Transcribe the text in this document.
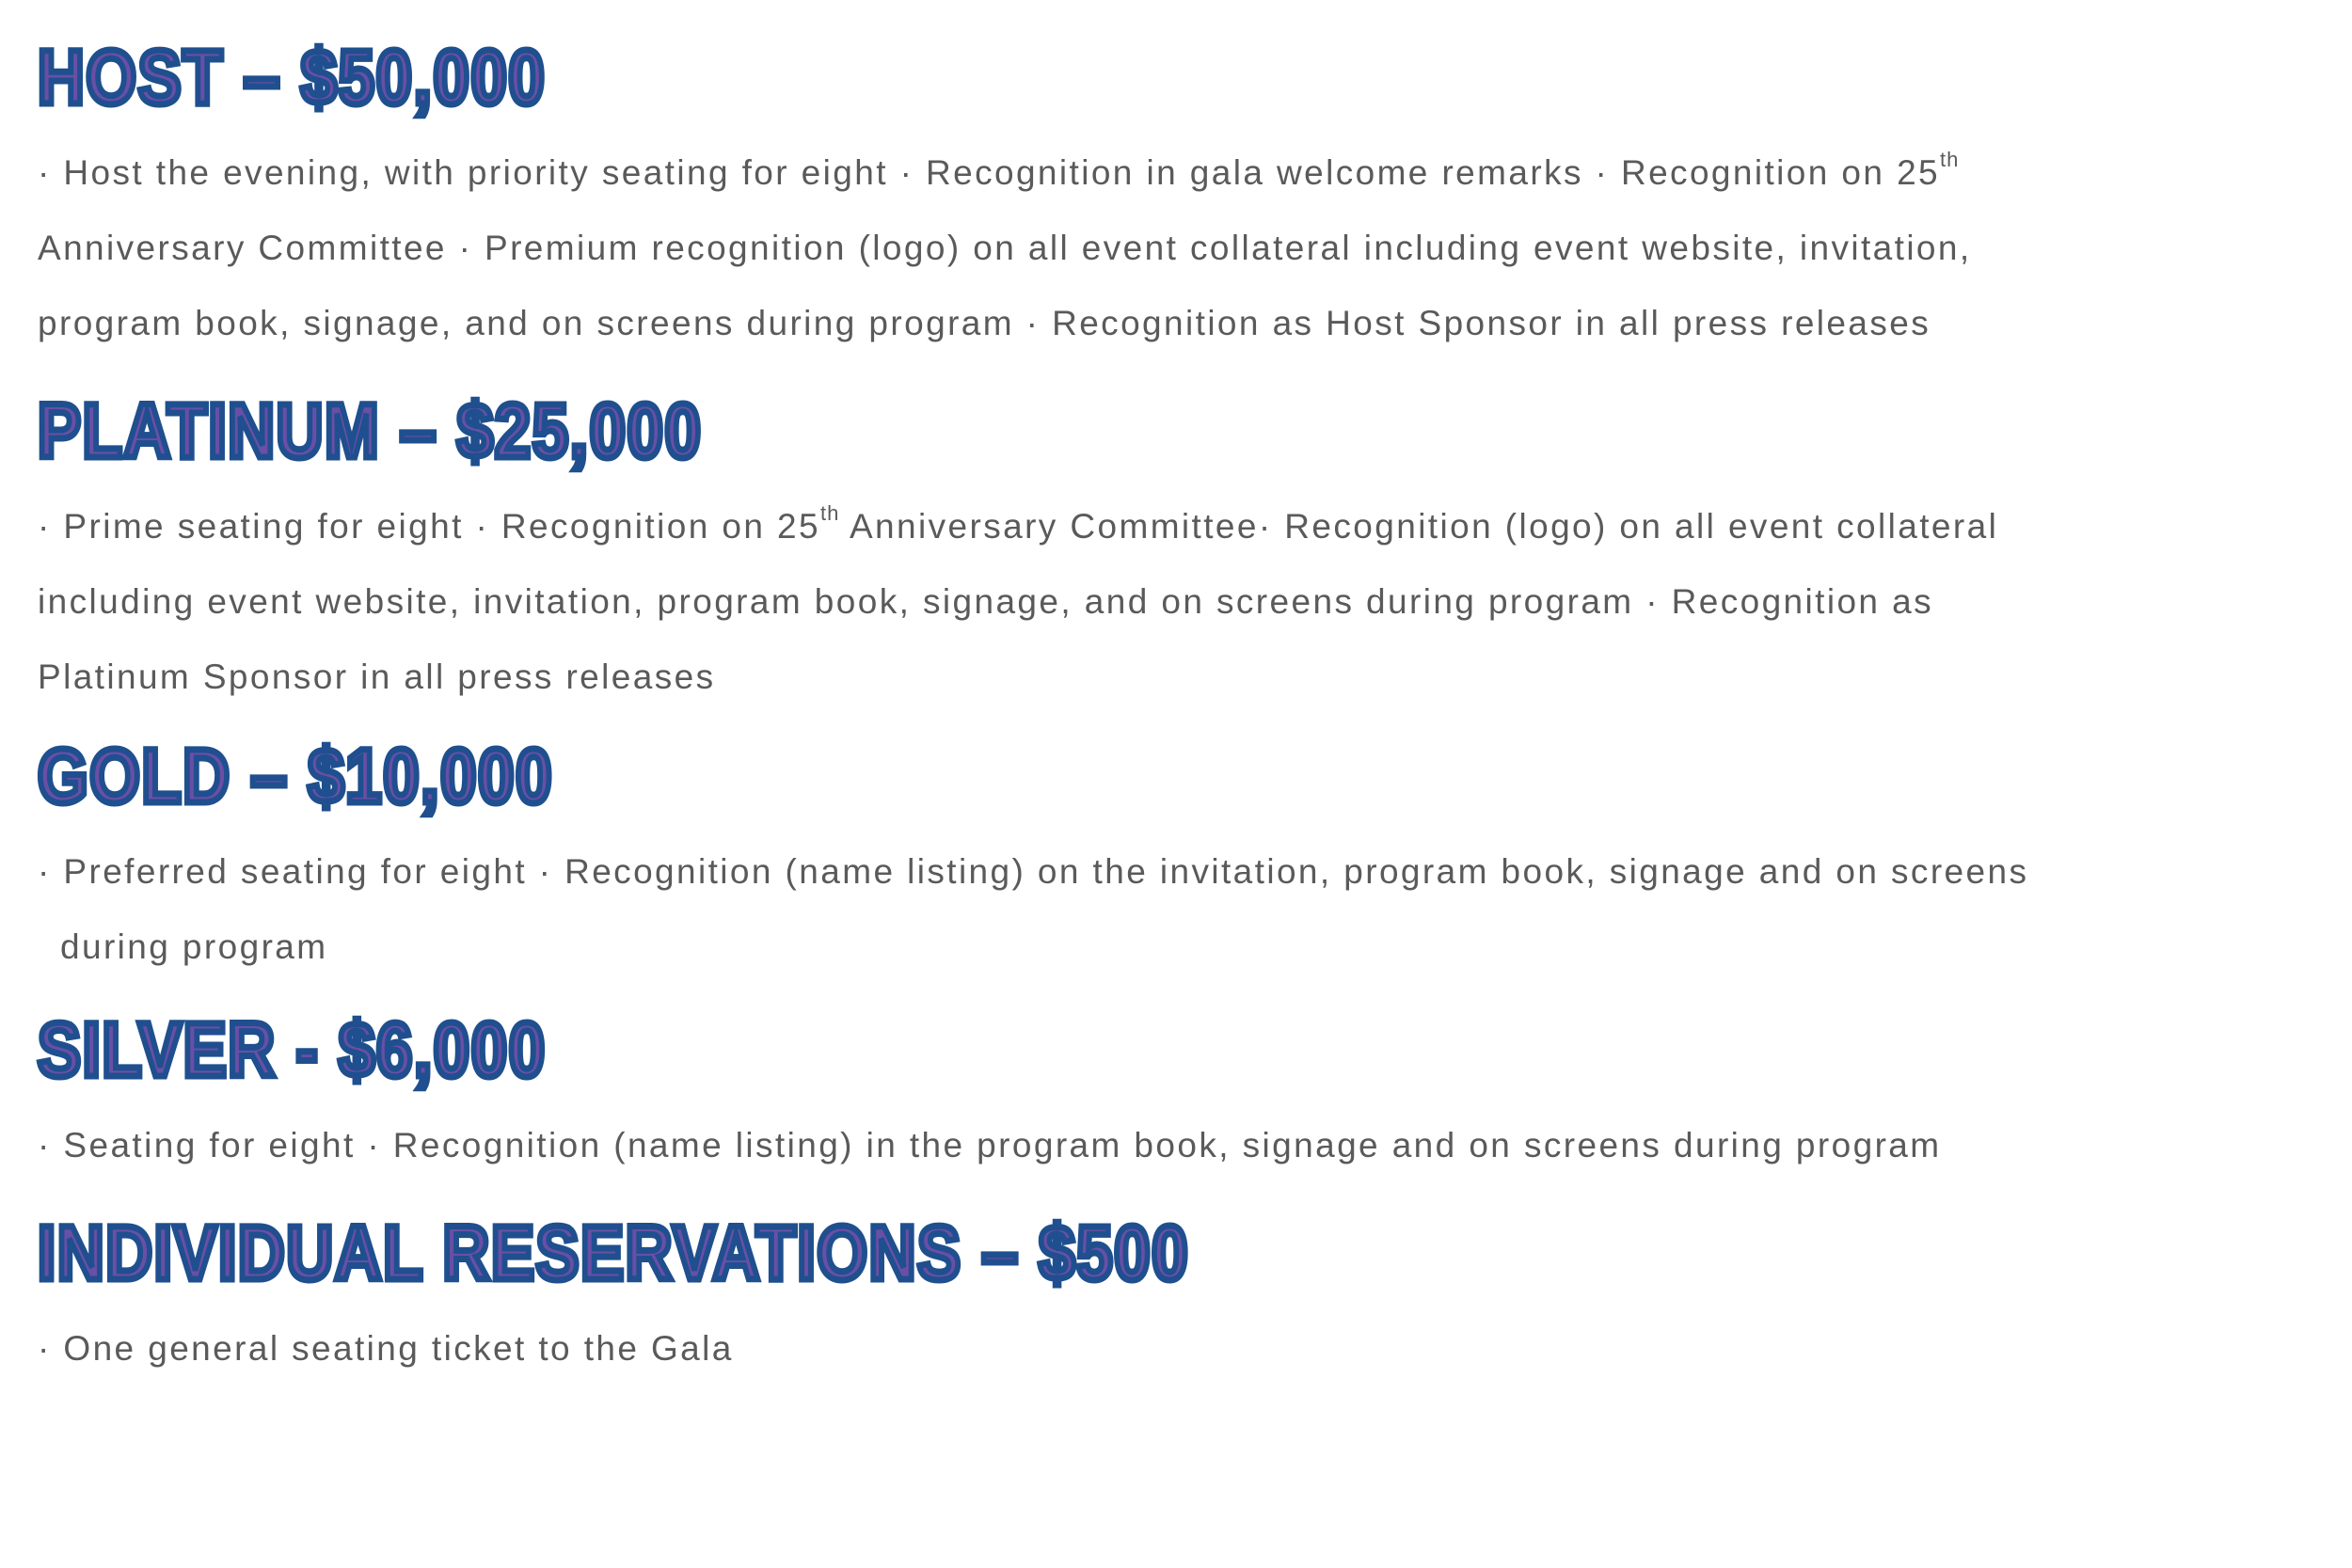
HOST – $50,000
· Host the evening, with priority seating for eight · Recognition in gala welcome remarks · Recognition on 25th
Anniversary Committee · Premium recognition (logo) on all event collateral including event website, invitation,
program book, signage, and on screens during program · Recognition as Host Sponsor in all press releases
PLATINUM – $25,000
· Prime seating for eight · Recognition on 25th Anniversary Committee· Recognition (logo) on all event collateral
including event website, invitation, program book, signage, and on screens during program · Recognition as
Platinum Sponsor in all press releases
GOLD – $10,000
· Preferred seating for eight · Recognition (name listing) on the invitation, program book, signage and on screens
during program
SILVER - $6,000
· Seating for eight · Recognition (name listing) in the program book, signage and on screens during program
INDIVIDUAL RESERVATIONS – $500
· One general seating ticket to the Gala
